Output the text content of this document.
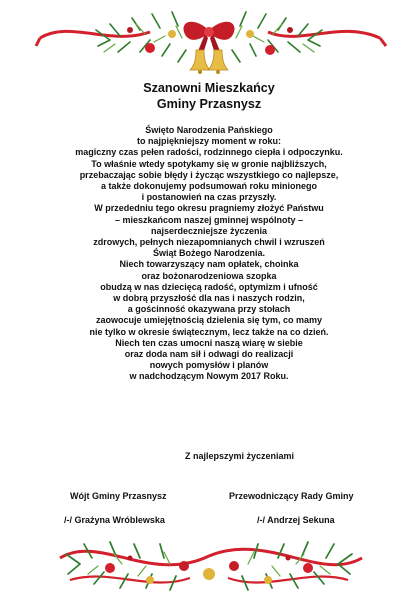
Szanowni Mieszkańcy
Gminy Przasnysz
Święto Narodzenia Pańskiego
to najpiękniejszy moment w roku:
magiczny czas pełen radości, rodzinnego ciepła i odpoczynku.
To właśnie wtedy spotykamy się w gronie najbliższych,
przebaczając sobie błędy i życząc wszystkiego co najlepsze,
a także dokonujemy podsumowań roku minionego
i postanowień na czas przyszły.
W przededniu tego okresu pragniemy złożyć Państwu
– mieszkańcom naszej gminnej wspólnoty –
najserdeczniejsze życzenia
zdrowych, pełnych niezapomnianych chwil i wzruszeń
Świąt Bożego Narodzenia.
Niech towarzyszący nam opłatek, choinka
oraz bożonarodzeniowa szopka
obudzą w nas dziecięcą radość, optymizm i ufność
w dobrą przyszłość dla nas i naszych rodzin,
a gościnność okazywana przy stołach
zaowocuje umiejętnością dzielenia się tym, co mamy
nie tylko w okresie świątecznym, lecz także na co dzień.
Niech ten czas umocni naszą wiarę w siebie
oraz doda nam sił i odwagi do realizacji
nowych pomysłów i planów
w nadchodzącym Nowym 2017 Roku.
Z najlepszymi życzeniami
Wójt Gminy Przasnysz
/-/ Grażyna Wróblewska
Przewodniczący Rady Gminy
/-/ Andrzej Sekuna
